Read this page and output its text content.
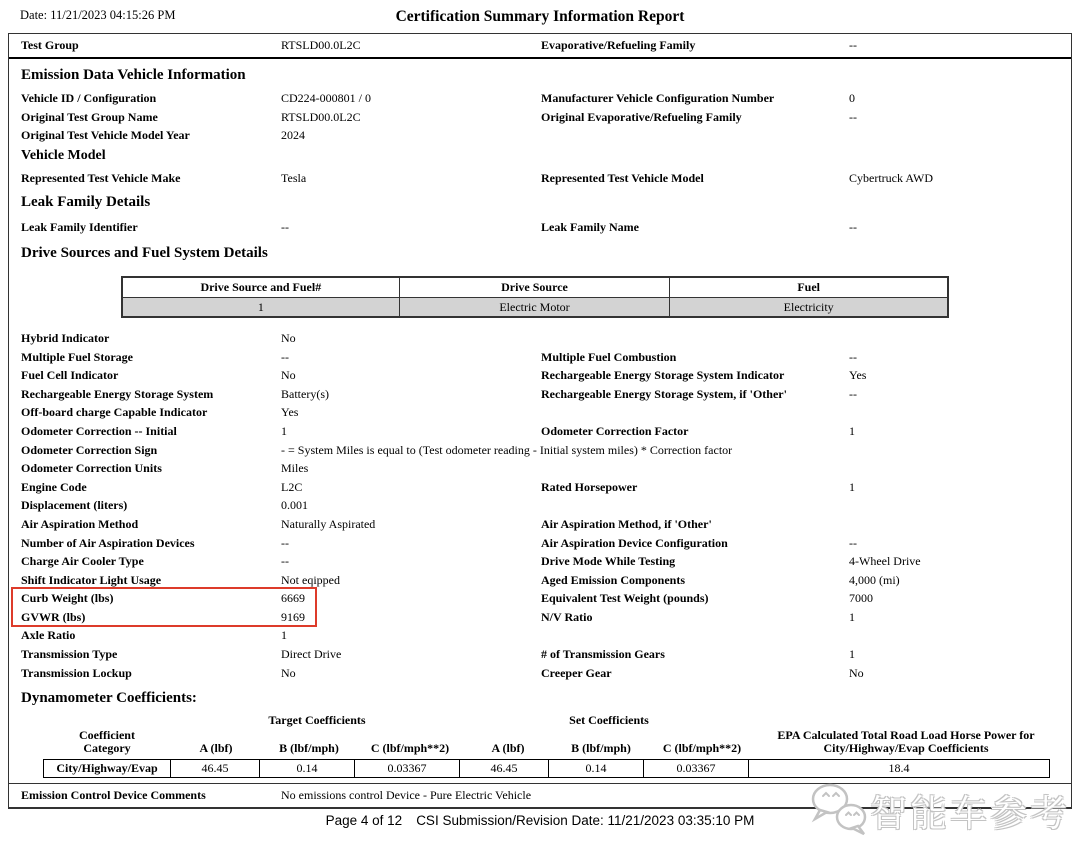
Date: 11/21/2023 04:15:26 PM	Certification Summary Information Report
Test Group	RTSLD00.0L2C	Evaporative/Refueling Family	--
Emission Data Vehicle Information
Vehicle ID / Configuration	CD224-000801 / 0	Manufacturer Vehicle Configuration Number	0
Original Test Group Name	RTSLD00.0L2C	Original Evaporative/Refueling Family	--
Original Test Vehicle Model Year	2024
Vehicle Model
Represented Test Vehicle Make	Tesla	Represented Test Vehicle Model	Cybertruck AWD
Leak Family Details
Leak Family Identifier	--	Leak Family Name	--
Drive Sources and Fuel System Details
Drive Source and Fuel#	Drive Source	Fuel
1	Electric Motor	Electricity
Hybrid Indicator	No
Multiple Fuel Storage	--	Multiple Fuel Combustion	--
Fuel Cell Indicator	No	Rechargeable Energy Storage System Indicator	Yes
Rechargeable Energy Storage System	Battery(s)	Rechargeable Energy Storage System, if 'Other'	--
Off-board charge Capable Indicator	Yes
Odometer Correction -- Initial	1	Odometer Correction Factor	1
Odometer Correction Sign	- = System Miles is equal to (Test odometer reading - Initial system miles) * Correction factor
Odometer Correction Units	Miles
Engine Code	L2C	Rated Horsepower	1
Displacement (liters)	0.001
Air Aspiration Method	Naturally Aspirated	Air Aspiration Method, if 'Other'
Number of Air Aspiration Devices	--	Air Aspiration Device Configuration	--
Charge Air Cooler Type	--	Drive Mode While Testing	4-Wheel Drive
Shift Indicator Light Usage	Not eqipped	Aged Emission Components	4,000 (mi)
Curb Weight (lbs)	6669	Equivalent Test Weight (pounds)	7000
GVWR (lbs)	9169	N/V Ratio	1
Axle Ratio	1
Transmission Type	Direct Drive	# of Transmission Gears	1
Transmission Lockup	No	Creeper Gear	No
Dynamometer Coefficients:
Target Coefficients	Set Coefficients
Coefficient
Category	A (lbf)	B (lbf/mph)	C (lbf/mph**2)	A (lbf)	B (lbf/mph)	C (lbf/mph**2)
EPA Calculated Total Road Load Horse Power for
City/Highway/Evap Coefficients
City/Highway/Evap	46.45	0.14	0.03367	46.45	0.14	0.03367	18.4
Emission Control Device Comments	No emissions control Device - Pure Electric Vehicle
Page 4 of 12 CSI Submission/Revision Date: 11/21/2023 03:35:10 PM	智能车参考
